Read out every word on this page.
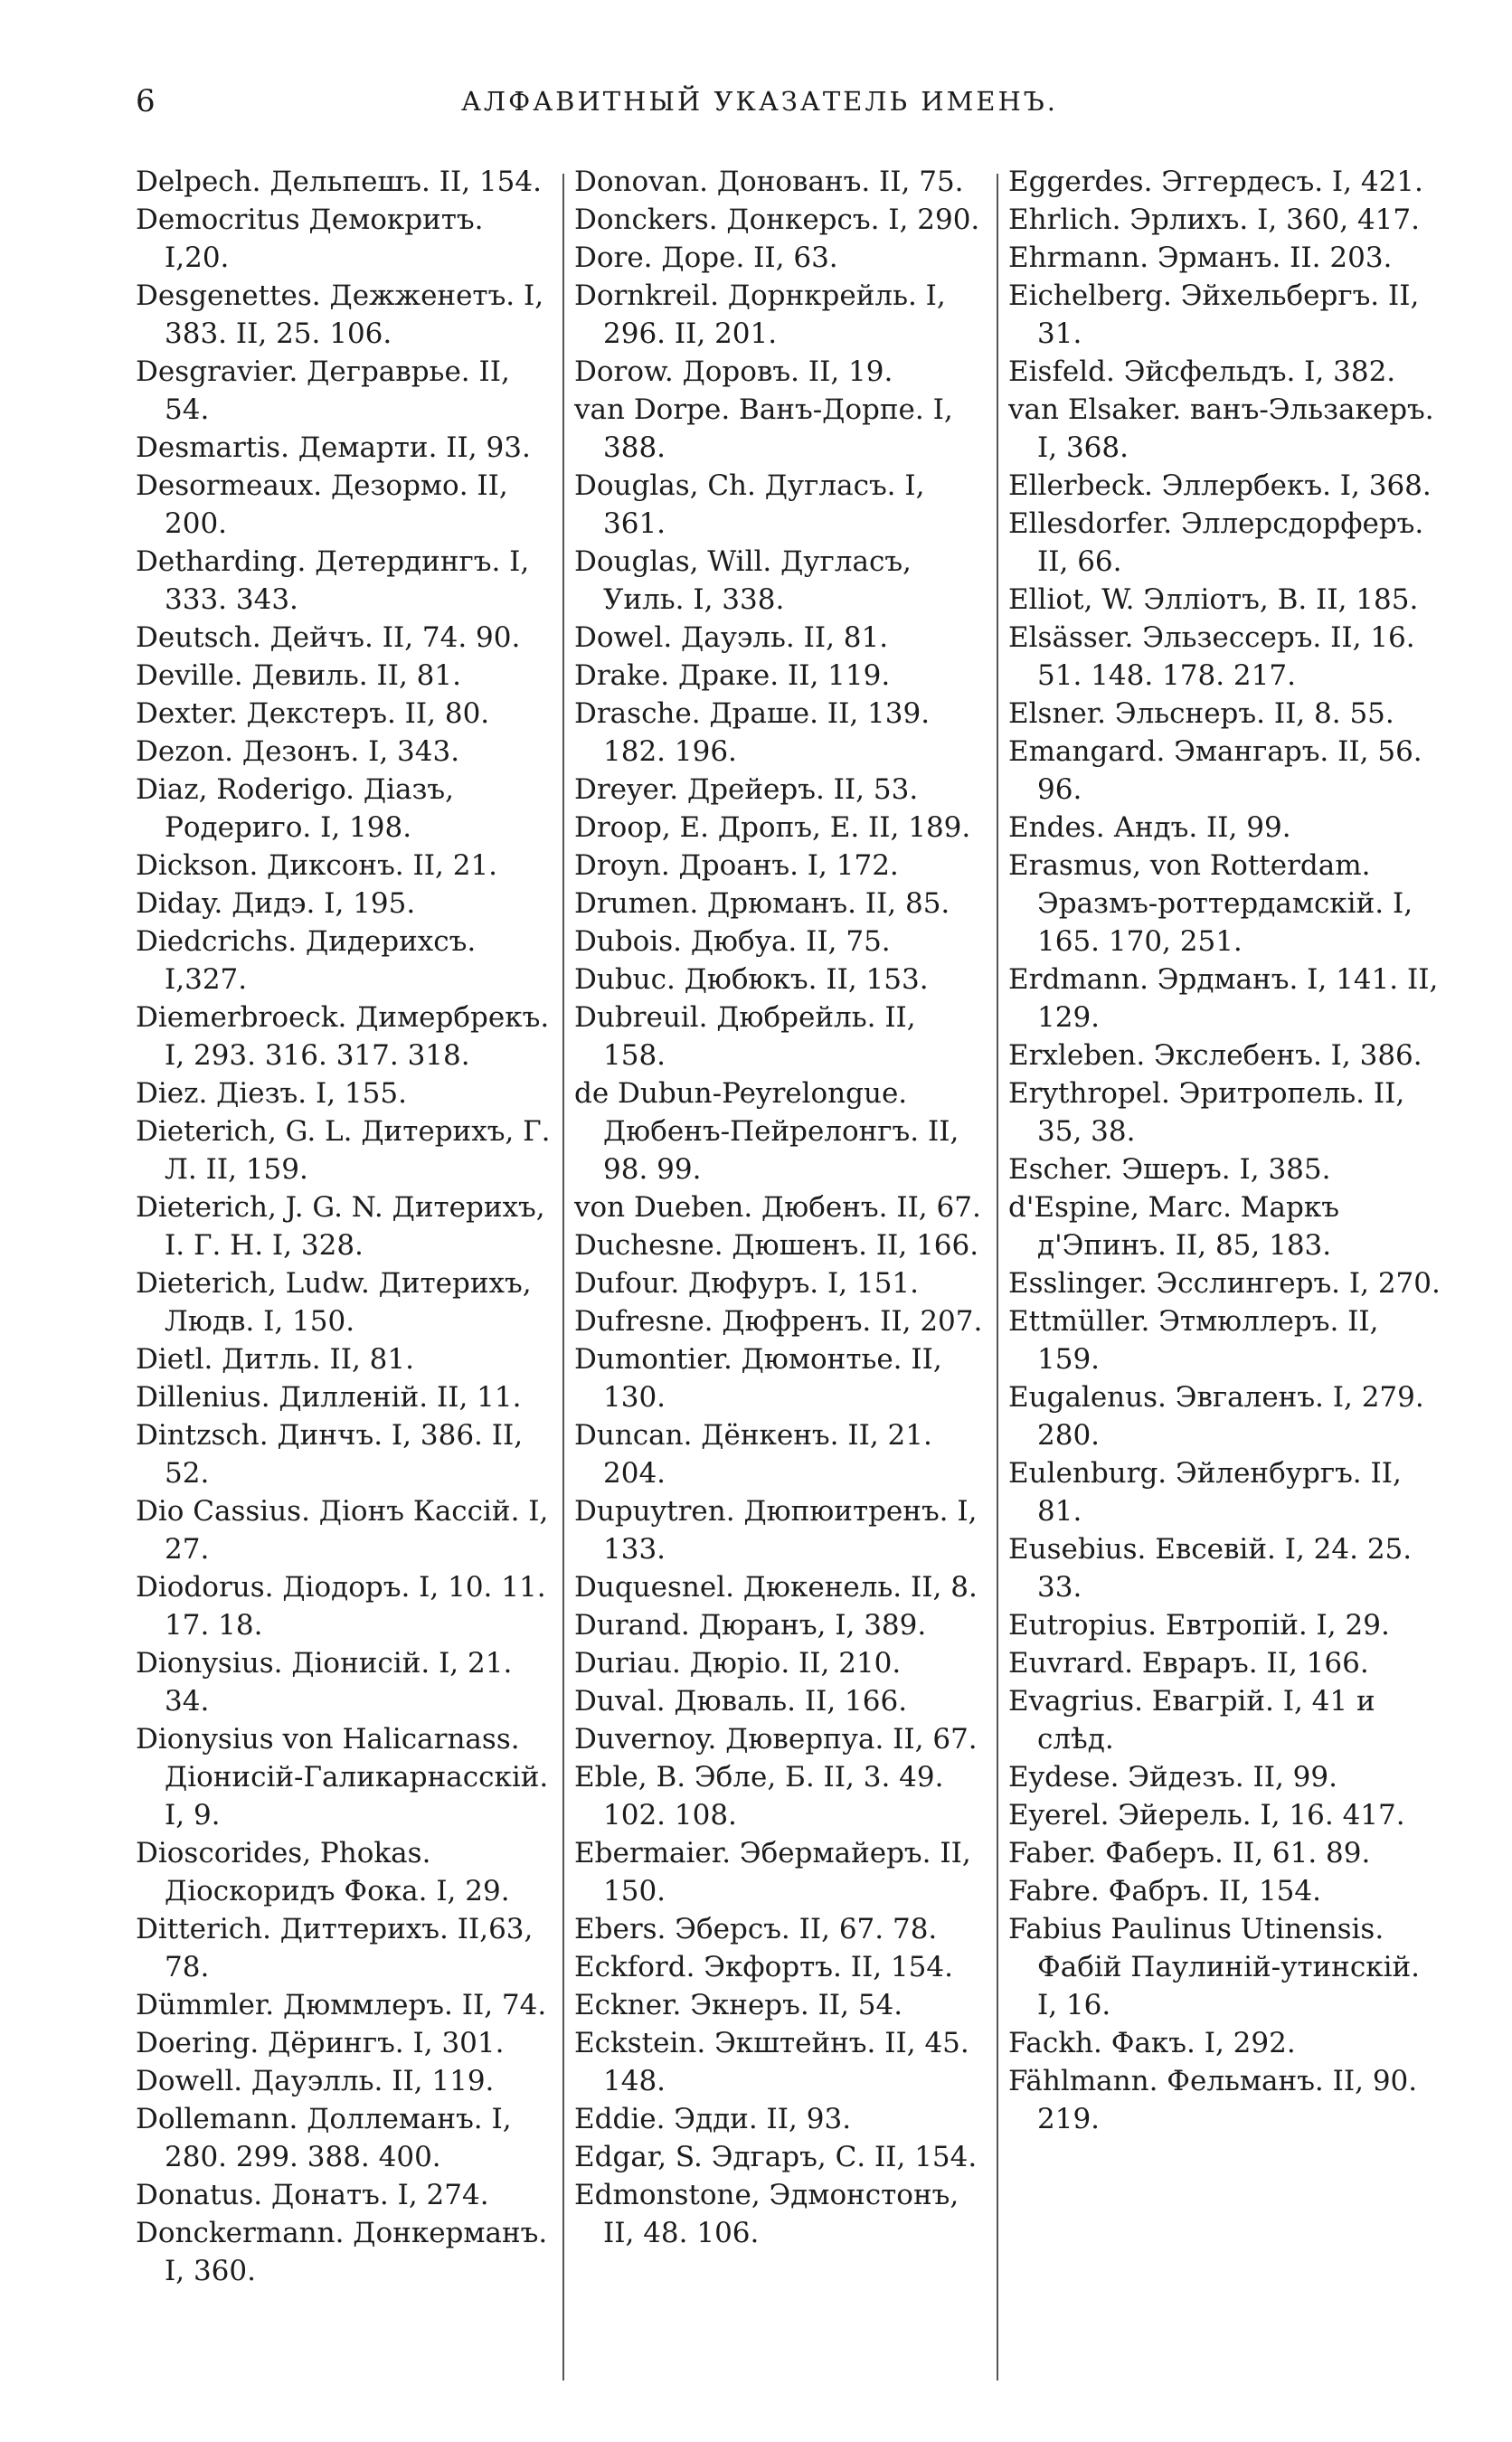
6	АЛФАВИТНЫЙ УКАЗАТЕЛЬ ИМЕНЪ.

Delpech. Дельпешъ. II, 154.

Democritus Демокритъ. I,20.

Desgenettes. Дежженетъ. I, 383. II, 25. 106.

Desgravier. Деграврье. II, 54.

Desmartis. Демарти. II, 93.

Desormeaux. Дезормо. II, 200.

Dethardіng. Детердингъ. I, 333. 343.

Deutsch. Дейчъ. II, 74. 90.

Deville. Девиль. II, 81.

Dexter. Декстеръ. II, 80.

Dezon. Дезонъ. I, 343.

Diaz, Roderigo. Діазъ, Родериго. I, 198.

Dickson. Диксонъ. II, 21.

Diday. Дидэ. I, 195.

Diedcrichs. Дидерихсъ. I,327.

Diemerbroeck. Димербрекъ. I, 293. 316. 317. 318.

Diez. Діезъ. I, 155.

Dieterich, G. L. Дитерихъ, Г. Л. II, 159.

Dieterich, J. G. N. Дитерихъ, I. Г. Н. I, 328.

Dieterich, Ludw. Дитерихъ, Людв. I, 150.

Dietl. Дитль. II, 81.

Dillenius. Дилленій. II, 11.

Dintzsch. Динчъ. I, 386. II, 52.

Dio Cassius. Діонъ Кассій. I, 27.

Diodorus. Діодоръ. I, 10. 11. 17. 18.

Dionysius. Діонисій. I, 21. 34.

Dionysius von Halicarnass. Діонисій-Галикарнасскій. I, 9.

Dioscorides, Phokas. Діоскоридъ Фока. I, 29.

Ditterich. Диттерихъ. II,63, 78.

Dümmler. Дюммлеръ. II, 74.

Doering. Дёрингъ. I, 301.

Dowell. Дауэлль. II, 119.

Dollemann. Доллеманъ. I, 280. 299. 388. 400.

Donatus. Донатъ. I, 274.

Donckermann. Донкерманъ. I, 360.

Donovan. Донованъ. II, 75.

Donckers. Донкерсъ. I, 290.

Dore. Доре. II, 63.

Dornkreil. Дорнкрейль. I, 296. II, 201.

Dorow. Доровъ. II, 19.

van Dorpe. Ванъ-Дорпе. I, 388.

Douglas, Ch. Дугласъ. I, 361.

Douglas, Will. Дугласъ, Уиль. I, 338.

Dowel. Дауэль. II, 81.

Drake. Драке. II, 119.

Drasche. Драше. II, 139. 182. 196.

Dreyer. Дрейеръ. II, 53.

Droop, E. Дропъ, Е. II, 189.

Droyn. Дроанъ. I, 172.

Drumen. Дрюманъ. II, 85.

Dubois. Дюбуа. II, 75.

Dubuc. Дюбюкъ. II, 153.

Dubreuil. Дюбрейль. II, 158.

de Dubun-Peyrelongue. Дюбенъ-Пейрелонгъ. II, 98. 99.

von Dueben. Дюбенъ. II, 67.

Duchesne. Дюшенъ. II, 166.

Dufour. Дюфуръ. I, 151.

Dufresne. Дюфренъ. II, 207.

Dumontier. Дюмонтье. II, 130.

Duncan. Дёнкенъ. II, 21. 204.

Dupuytren. Дюпюитренъ. I, 133.

Duquesnel. Дюкенель. II, 8.

Durand. Дюранъ, I, 389.

Duriau. Дюріо. II, 210.

Duval. Дюваль. II, 166.

Duvernoy. Дюверпуа. II, 67.

Eble, B. Эбле, Б. II, 3. 49. 102. 108.

Ebermaier. Эбермайеръ. II, 150.

Ebers. Эберсъ. II, 67. 78.

Eckford. Экфортъ. II, 154.

Eckner. Экнеръ. II, 54.

Eckstein. Экштейнъ. II, 45. 148.

Eddie. Эдди. II, 93.

Edgar, S. Эдгаръ, С. II, 154.

Edmonstone, Эдмонстонъ, II, 48. 106.

Eggerdes. Эггердесъ. I, 421.

Ehrlich. Эрлихъ. I, 360, 417.

Ehrmann. Эрманъ. II. 203.

Eichelberg. Эйхельбергъ. II, 31.

Eisfeld. Эйсфельдъ. I, 382.

van Elsaker. ванъ-Эльзакеръ. I, 368.

Ellerbeck. Эллербекъ. I, 368.

Ellesdorfer. Эллерсдорферъ. II, 66.

Elliot, W. Элліотъ, В. II, 185.

Elsässer. Эльзессеръ. II, 16. 51. 148. 178. 217.

Elsner. Эльснеръ. II, 8. 55.

Emangard. Эмангаръ. II, 56. 96.

Endes. Андъ. II, 99.

Erasmus, von Rotterdam. Эразмъ-роттердамскій. I, 165. 170, 251.

Erdmann. Эрдманъ. I, 141. II, 129.

Erxleben. Экслебенъ. I, 386.

Erythropel. Эритропель. II, 35, 38.

Escher. Эшеръ. I, 385.

d'Espine, Marc. Маркъ д'Эпинъ. II, 85, 183.

Esslinger. Эсслингеръ. I, 270.

Ettmüller. Этмюллеръ. II, 159.

Eugalenus. Эвгаленъ. I, 279. 280.

Eulenburg. Эйленбургъ. II, 81.

Eusebius. Евсевій. I, 24. 25. 33.

Eutropius. Евтропій. I, 29.

Euvrard. Евраръ. II, 166.

Evagrius. Евагрій. I, 41 и слѣд.

Eydese. Эйдезъ. II, 99.

Eyerel. Эйерель. I, 16. 417.

Faber. Фаберъ. II, 61. 89.

Fabre. Фабръ. II, 154.

Fabius Paulinus Utinensis. Фабій Паулиній-утинскій. I, 16.

Fackh. Факъ. I, 292.

Fählmann. Фельманъ. II, 90. 219.
